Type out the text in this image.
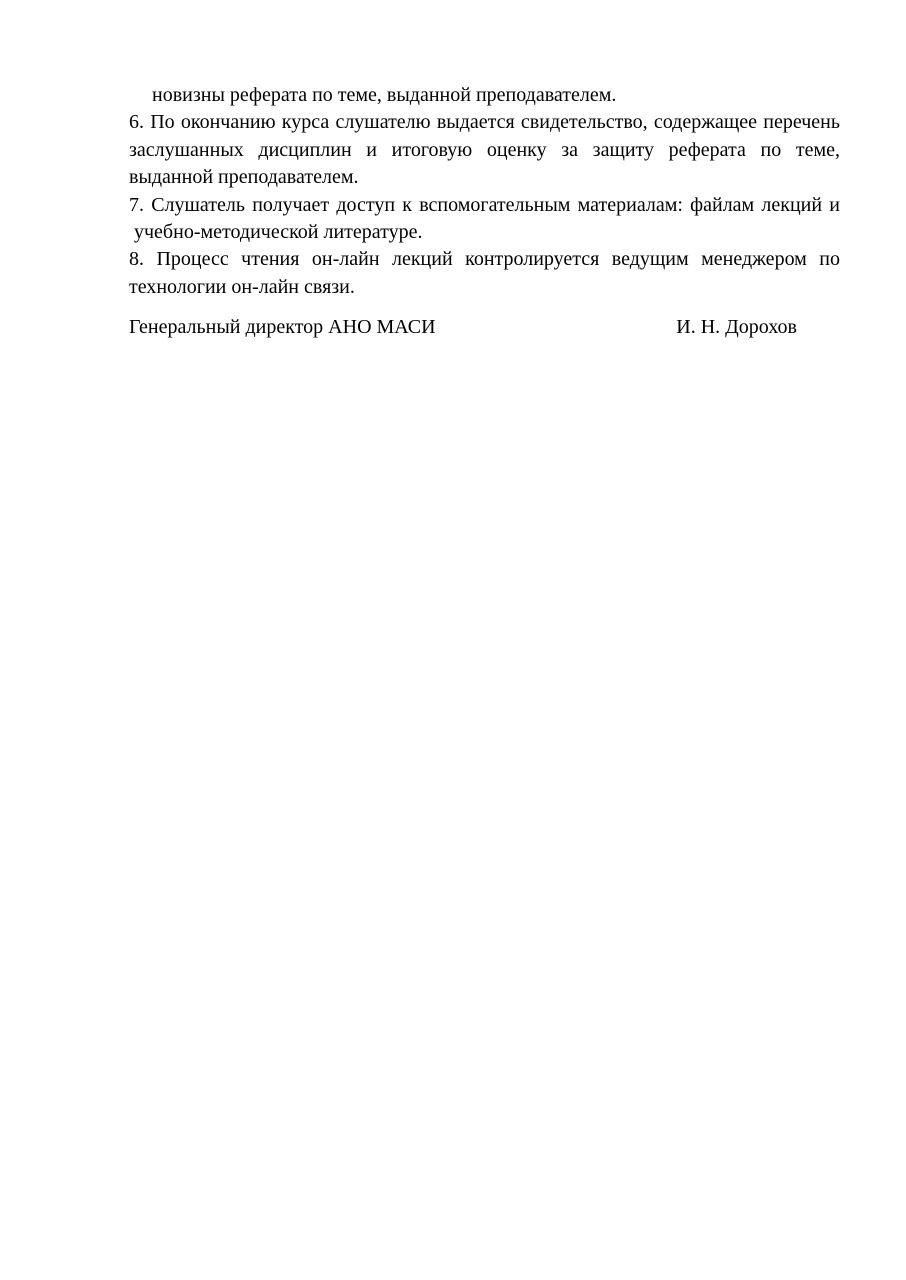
новизны реферата по теме, выданной преподавателем.

6. По окончанию курса слушателю выдается свидетельство, содержащее перечень заслушанных дисциплин и итоговую оценку за защиту реферата по теме, выданной преподавателем.

7. Слушатель получает доступ к вспомогательным материалам: файлам лекций и  учебно-методической литературе.

8. Процесс чтения он-лайн лекций контролируется ведущим менеджером по технологии он-лайн связи.

Генеральный директор АНО МАСИ	И. Н. Дорохов
